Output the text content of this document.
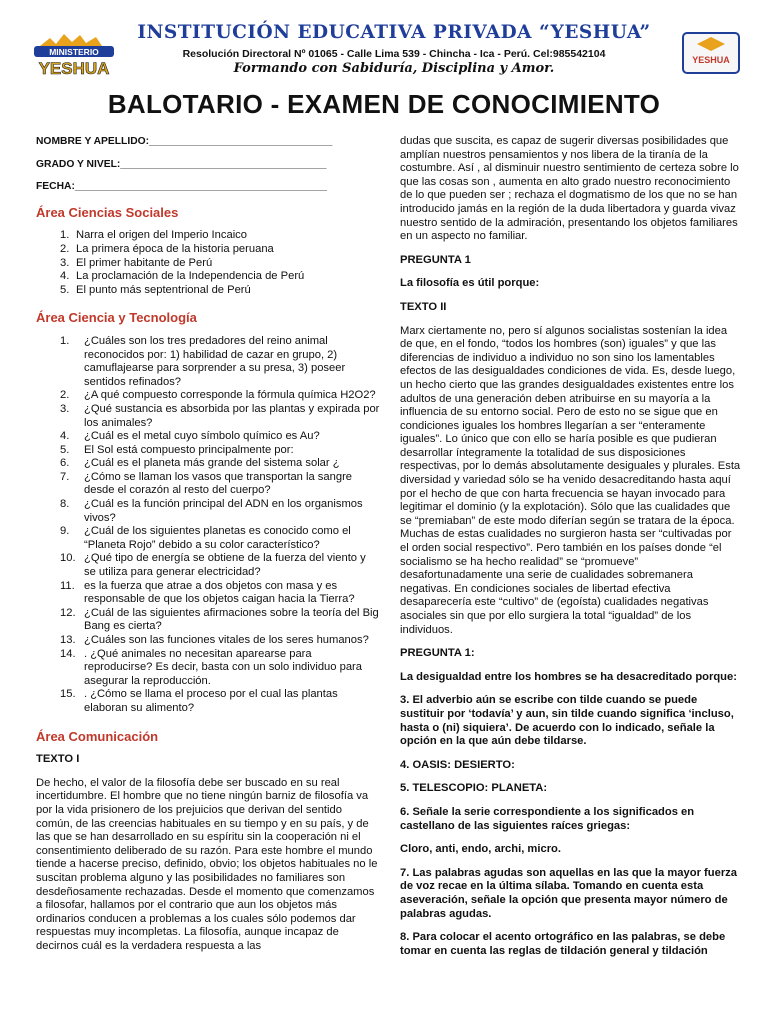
MINISTERIO
YESHUA
INSTITUCIÓN EDUCATIVA PRIVADA “YESHUA”
Resolución Directoral Nº 01065 - Calle Lima 539 - Chincha - Ica - Perú. Cel:985542104
Formando con Sabiduría, Disciplina y Amor.
YESHUA
BALOTARIO - EXAMEN DE CONOCIMIENTO
NOMBRE Y APELLIDO:________________________________
GRADO Y NIVEL:____________________________________
FECHA:____________________________________________
Área Ciencias Sociales
1. Narra el origen del Imperio Incaico
2. La primera época de la historia peruana
3. El primer habitante de Perú
4. La proclamación de la Independencia de Perú
5. El punto más septentrional de Perú
Área Ciencia y Tecnología
1. ¿Cuáles son los tres predadores del reino animal reconocidos por: 1) habilidad de cazar en grupo, 2) camuflajearse para sorprender a su presa, 3) poseer sentidos refinados?
2. ¿A qué compuesto corresponde la fórmula química H2O2?
3. ¿Qué sustancia es absorbida por las plantas y expirada por los animales?
4. ¿Cuál es el metal cuyo símbolo químico es Au?
5. El Sol está compuesto principalmente por:
6. ¿Cuál es el planeta más grande del sistema solar ¿
7. ¿Cómo se llaman los vasos que transportan la sangre desde el corazón al resto del cuerpo?
8. ¿Cuál es la función principal del ADN en los organismos vivos?
9. ¿Cuál de los siguientes planetas es conocido como el “Planeta Rojo” debido a su color característico?
10. ¿Qué tipo de energía se obtiene de la fuerza del viento y se utiliza para generar electricidad?
11. es la fuerza que atrae a dos objetos con masa y es responsable de que los objetos caigan hacia la Tierra?
12. ¿Cuál de las siguientes afirmaciones sobre la teoría del Big Bang es cierta?
13. ¿Cuáles son las funciones vitales de los seres humanos?
14. . ¿Qué animales no necesitan aparearse para reproducirse? Es decir, basta con un solo individuo para asegurar la reproducción.
15. . ¿Cómo se llama el proceso por el cual las plantas elaboran su alimento?
Área Comunicación

TEXTO I

De hecho, el valor de la filosofía debe ser buscado en su real incertidumbre. El hombre que no tiene ningún barniz de filosofía va por la vida prisionero de los prejuicios que derivan del sentido común, de las creencias habituales en su tiempo y en su país, y de las que se han desarrollado en su espíritu sin la cooperación ni el consentimiento deliberado de su razón. Para este hombre el mundo tiende a hacerse preciso, definido, obvio; los objetos habituales no le suscitan problema alguno y las posibilidades no familiares son desdeñosamente rechazadas. Desde el momento que comenzamos a filosofar, hallamos por el contrario que aun los objetos más ordinarios conducen a problemas a los cuales sólo podemos dar respuestas muy incompletas. La filosofía, aunque incapaz de decirnos cuál es la verdadera respuesta a las

dudas que suscita, es capaz de sugerir diversas posibilidades que amplían nuestros pensamientos y nos libera de la tiranía de la costumbre. Así , al disminuir nuestro sentimiento de certeza sobre lo que las cosas son , aumenta en alto grado nuestro reconocimiento de lo que pueden ser ; rechaza el dogmatismo de los que no se han introducido jamás en la región de la duda libertadora y guarda vivaz nuestro sentido de la admiración, presentando los objetos familiares en un aspecto no familiar.

PREGUNTA 1

La filosofía es útil porque:

TEXTO II

Marx ciertamente no, pero sí algunos socialistas sostenían la idea de que, en el fondo, “todos los hombres (son) iguales” y que las diferencias de individuo a individuo no son sino los lamentables efectos de las desigualdades condiciones de vida. Es, desde luego, un hecho cierto que las grandes desigualdades existentes entre los adultos de una generación deben atribuirse en su mayoría a la influencia de su entorno social. Pero de esto no se sigue que en condiciones iguales los hombres llegarían a ser “enteramente iguales”. Lo único que con ello se haría posible es que pudieran desarrollar íntegramente la totalidad de sus disposiciones respectivas, por lo demás absolutamente desiguales y plurales. Esta diversidad y variedad sólo se ha venido desacreditando hasta aquí por el hecho de que con harta frecuencia se hayan invocado para legitimar el dominio (y la explotación). Sólo que las cualidades que se “premiaban” de este modo diferían según se tratara de la época. Muchas de estas cualidades no surgieron hasta ser “cultivadas por el orden social respectivo”. Pero también en los países donde “el socialismo se ha hecho realidad” se “promueve” desafortunadamente una serie de cualidades sobremanera negativas. En condiciones sociales de libertad efectiva desaparecería este “cultivo” de (egoísta) cualidades negativas asociales sin que por ello surgiera la total “igualdad” de los individuos.

PREGUNTA 1:

La desigualdad entre los hombres se ha desacreditado porque:

3. El adverbio aún se escribe con tilde cuando se puede sustituir por ‘todavía’ y aun, sin tilde cuando significa ‘incluso, hasta o (ni) siquiera’. De acuerdo con lo indicado, señale la opción en la que aún debe tildarse.

4. OASIS: DESIERTO:

5. TELESCOPIO: PLANETA:

6. Señale la serie correspondiente a los significados en castellano de las siguientes raíces griegas:

Cloro, anti, endo, archi, micro.

7. Las palabras agudas son aquellas en las que la mayor fuerza de voz recae en la última sílaba. Tomando en cuenta esta aseveración, señale la opción que presenta mayor número de palabras agudas.

8. Para colocar el acento ortográfico en las palabras, se debe tomar en cuenta las reglas de tildación general y tildación
